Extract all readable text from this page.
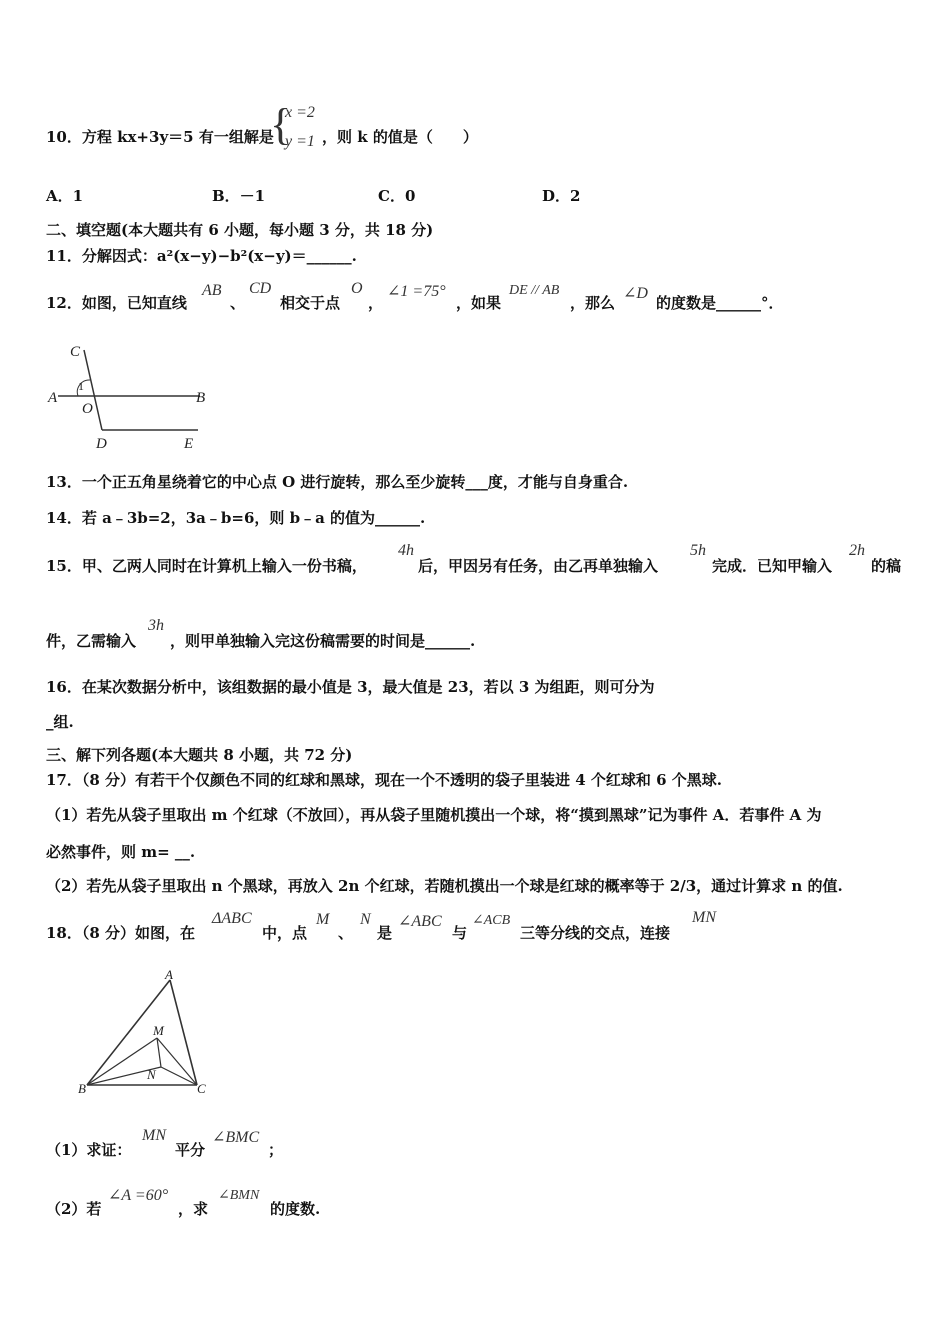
10．方程 kx+3y＝5 有一组解是
{
x =2
y =1 ，则 k 的值是（　　）
A．1	B．－1	C．0	D．2
二、填空题(本大题共有 6 小题，每小题 3 分，共 18 分)
11．分解因式：a²(x−y)−b²(x−y)＝______.
12．如图，已知直线
AB
、
CD
相交于点
O
，
∠1 =75°
，如果
DE // AB
，那么
∠D
的度数是______°．
C
A
1
O
B
D	E
13．一个正五角星绕着它的中心点 O 进行旋转，那么至少旋转___度，才能与自身重合.
14．若 a﹣3b=2，3a﹣b=6，则 b﹣a 的值为______.
15．甲、乙两人同时在计算机上输入一份书稿，
4h
后，甲因另有任务，由乙再单独输入
5h
完成．已知甲输入
2h
的稿
件，乙需输入
3h
，则甲单独输入完这份稿需要的时间是______.
16．在某次数据分析中，该组数据的最小值是 3，最大值是 23，若以 3 为组距，则可分为
_组.
三、解下列各题(本大题共 8 小题，共 72 分)
17．（8 分）有若干个仅颜色不同的红球和黑球，现在一个不透明的袋子里装进 4 个红球和 6 个黑球.
（1）若先从袋子里取出 m 个红球（不放回），再从袋子里随机摸出一个球，将“摸到黑球”记为事件 A．若事件 A 为
必然事件，则 m= __.
（2）若先从袋子里取出 n 个黑球，再放入 2n 个红球，若随机摸出一个球是红球的概率等于 2/3，通过计算求 n 的值.
18．（8 分）如图，在
ΔABC
中，点
M
、
N
是
∠ABC
与
∠ACB
三等分线的交点，连接
MN
A
M
N
B	C
（1）求证：
MN
平分
∠BMC
；
（2）若
∠A =60°
，求
∠BMN
的度数.
